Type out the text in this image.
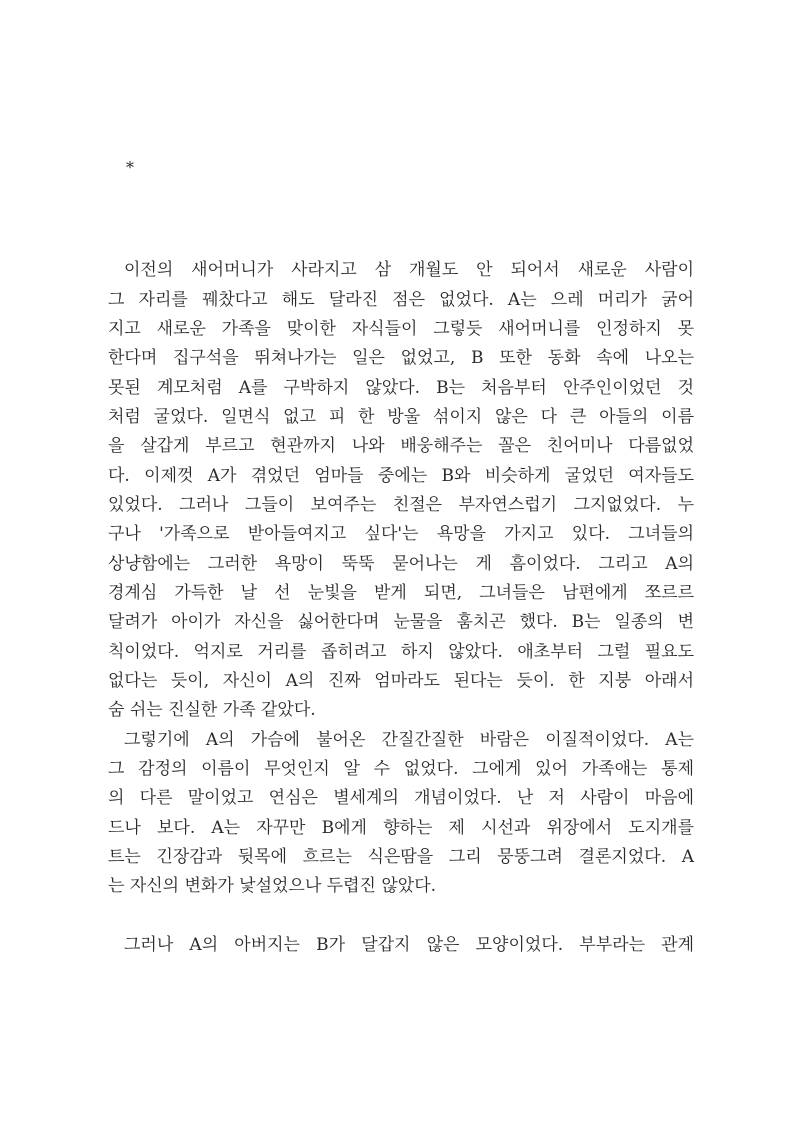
*
이전의 새어머니가 사라지고 삼 개월도 안 되어서 새로운 사람이
그 자리를 꿰찼다고 해도 달라진 점은 없었다. A는 으레 머리가 굵어
지고 새로운 가족을 맞이한 자식들이 그렇듯 새어머니를 인정하지 못
한다며 집구석을 뛰쳐나가는 일은 없었고, B 또한 동화 속에 나오는
못된 계모처럼 A를 구박하지 않았다. B는 처음부터 안주인이었던 것
처럼 굴었다. 일면식 없고 피 한 방울 섞이지 않은 다 큰 아들의 이름
을 살갑게 부르고 현관까지 나와 배웅해주는 꼴은 친어미나 다름없었
다. 이제껏 A가 겪었던 엄마들 중에는 B와 비슷하게 굴었던 여자들도
있었다. 그러나 그들이 보여주는 친절은 부자연스럽기 그지없었다. 누
구나 '가족으로 받아들여지고 싶다'는 욕망을 가지고 있다. 그녀들의
상냥함에는 그러한 욕망이 뚝뚝 묻어나는 게 흠이었다. 그리고 A의
경계심 가득한 날 선 눈빛을 받게 되면, 그녀들은 남편에게 쪼르르
달려가 아이가 자신을 싫어한다며 눈물을 훔치곤 했다. B는 일종의 변
칙이었다. 억지로 거리를 좁히려고 하지 않았다. 애초부터 그럴 필요도
없다는 듯이, 자신이 A의 진짜 엄마라도 된다는 듯이. 한 지붕 아래서
숨 쉬는 진실한 가족 같았다.
그렇기에 A의 가슴에 불어온 간질간질한 바람은 이질적이었다. A는
그 감정의 이름이 무엇인지 알 수 없었다. 그에게 있어 가족애는 통제
의 다른 말이었고 연심은 별세계의 개념이었다. 난 저 사람이 마음에
드나 보다. A는 자꾸만 B에게 향하는 제 시선과 위장에서 도지개를
트는 긴장감과 뒷목에 흐르는 식은땀을 그리 뭉뚱그려 결론지었다. A
는 자신의 변화가 낯설었으나 두렵진 않았다.
그러나 A의 아버지는 B가 달갑지 않은 모양이었다. 부부라는 관계
